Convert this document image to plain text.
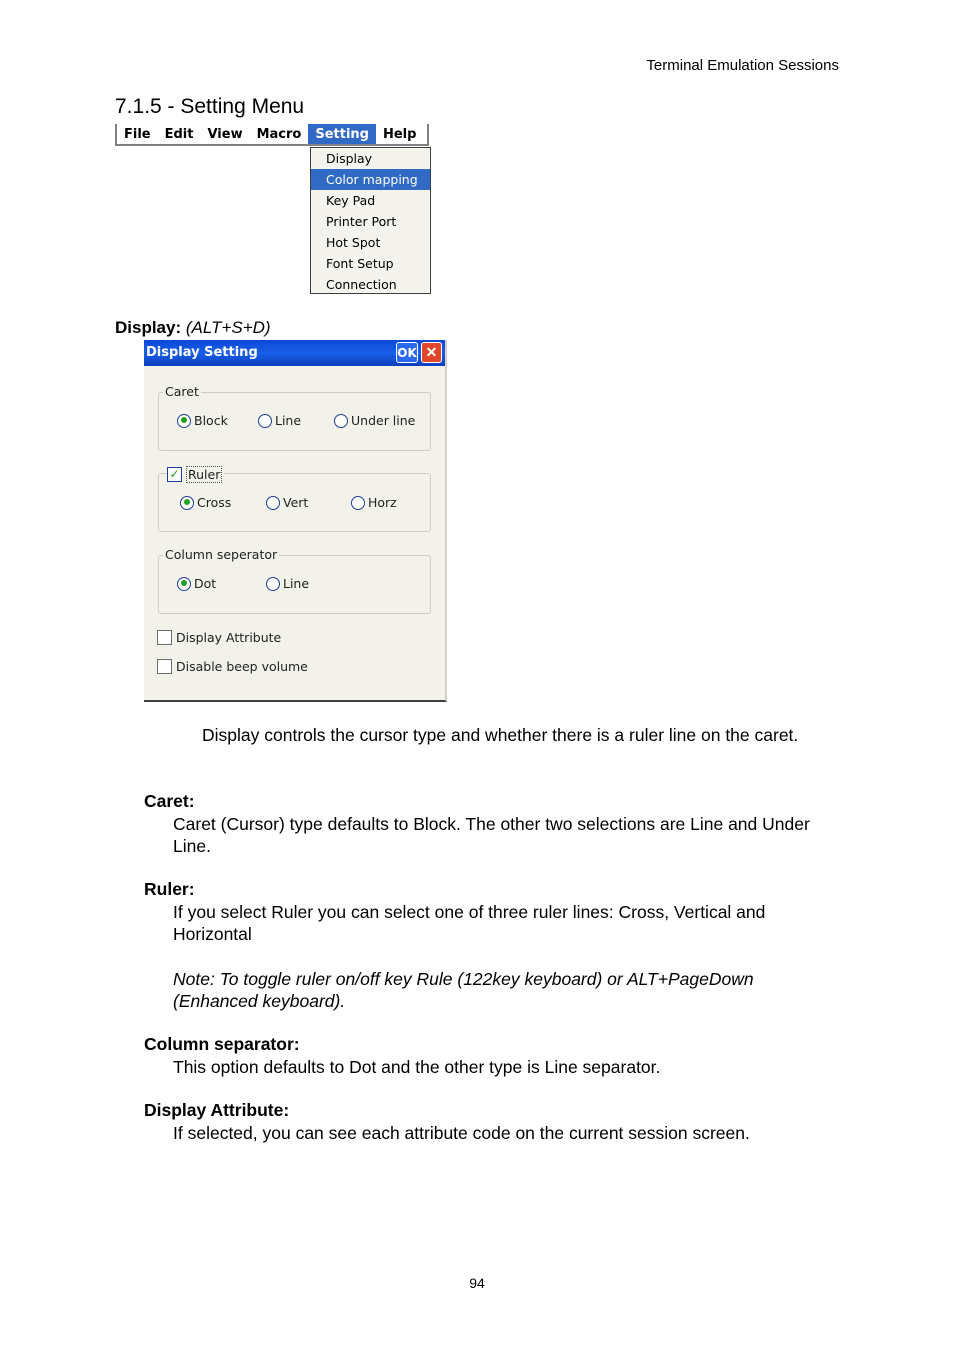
Terminal Emulation Sessions
7.1.5 - Setting Menu
File	Edit	View	Macro	Setting	Help
Display
Color mapping
Key Pad
Printer Port
Hot Spot
Font Setup
Connection
Display: (ALT+S+D)
Display Setting	OK ✕
Caret
Block	Line	Under line
✓ Ruler
Cross	Vert	Horz
Column seperator
Dot	Line
Display Attribute
Disable beep volume
Display controls the cursor type and whether there is a ruler line on the caret.
Caret:
Caret (Cursor) type defaults to Block. The other two selections are Line and Under Line.
Ruler:
If you select Ruler you can select one of three ruler lines: Cross, Vertical and Horizontal
Note: To toggle ruler on/off key Rule (122key keyboard) or ALT+PageDown (Enhanced keyboard).
Column separator:
This option defaults to Dot and the other type is Line separator.
Display Attribute:
If selected, you can see each attribute code on the current session screen.
94
